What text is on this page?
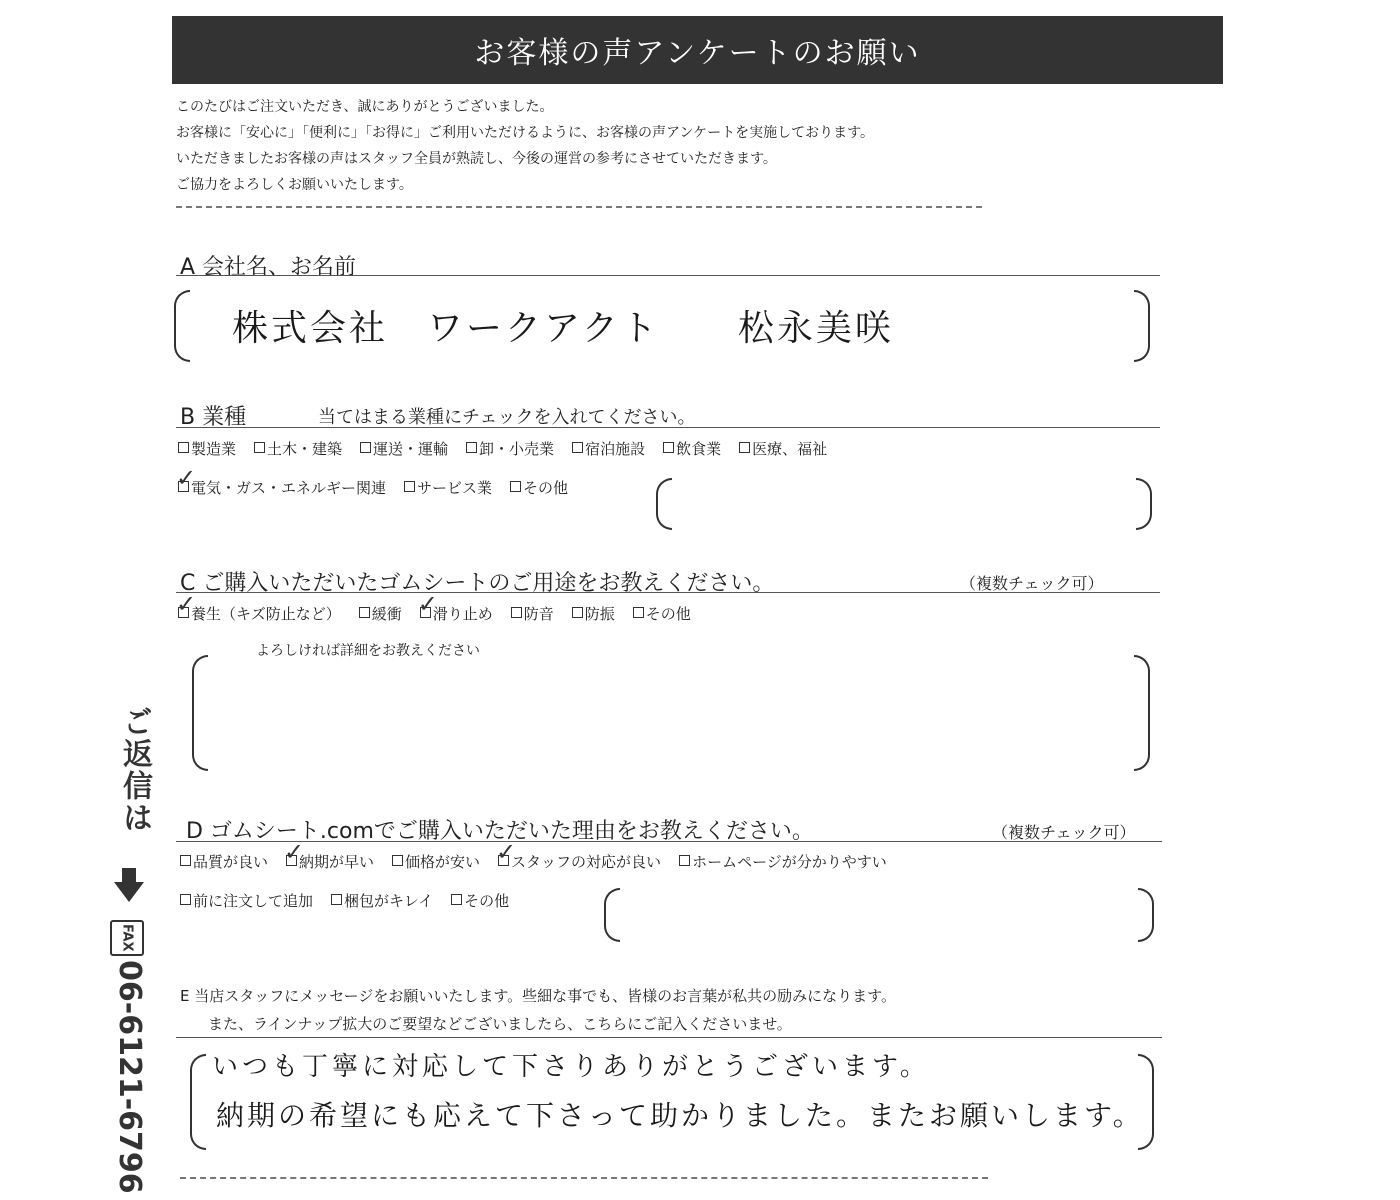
お客様の声アンケートのお願い
このたびはご注文いただき、誠にありがとうございました。
お客様に「安心に」「便利に」「お得に」ご利用いただけるように、お客様の声アンケートを実施しております。
いただきましたお客様の声はスタッフ全員が熟読し、今後の運営の参考にさせていただきます。
ご協力をよろしくお願いいたします。
A 会社名、お名前
株式会社　ワークアクト　　松永美咲
B 業種	当てはまる業種にチェックを入れてください。
製造業	土木・建築	運送・運輸	卸・小売業	宿泊施設	飲食業	医療、福祉
✓電気・ガス・エネルギー関連	サービス業	その他
C ご購入いただいたゴムシートのご用途をお教えください。	（複数チェック可）
✓養生（キズ防止など）	緩衝 ✓	滑り止め	防音	防振	その他
よろしければ詳細をお教えください
D ゴムシート.comでご購入いただいた理由をお教えください。	（複数チェック可）
品質が良い ✓	納期が早い	価格が安い ✓	スタッフの対応が良い	ホームページが分かりやすい
前に注文して追加	梱包がキレイ	その他
E 当店スタッフにメッセージをお願いいたします。些細な事でも、皆様のお言葉が私共の励みになります。
また、ラインナップ拡大のご要望などございましたら、こちらにご記入くださいませ。
いつも丁寧に対応して下さりありがとうございます。
納期の希望にも応えて下さって助かりました。またお願いします。
ご返信は
FAX
06-6121-6796
